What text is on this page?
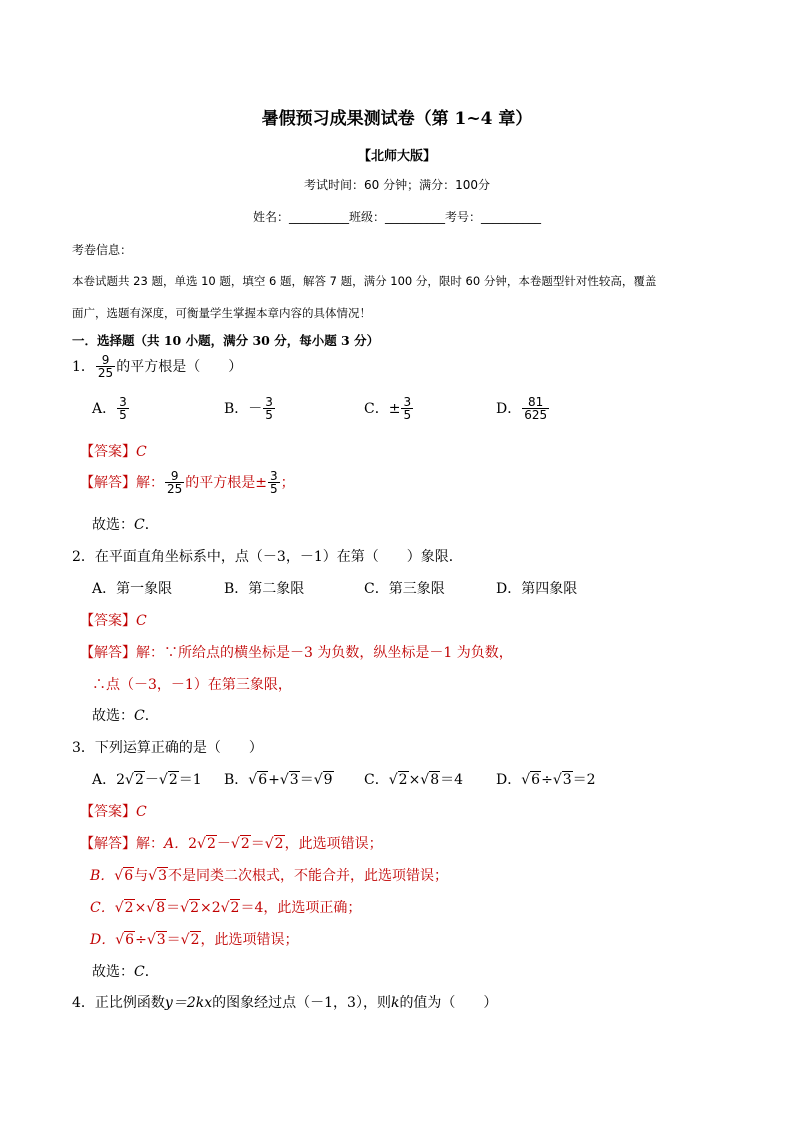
暑假预习成果测试卷（第 1~4 章）
【北师大版】
考试时间：60 分钟；满分：100分
姓名：__________班级：__________考号：__________
考卷信息：
本卷试题共 23 题，单选 10 题，填空 6 题，解答 7 题，满分 100 分，限时 60 分钟，本卷题型针对性较高，覆盖
面广，选题有深度，可衡量学生掌握本章内容的具体情况！
一．选择题（共 10 小题，满分 30 分，每小题 3 分）
1． $\frac{9}{25}$ 的平方根是（　　）
A． $\frac{3}{5}$	B．－ $\frac{3}{5}$	C．± $\frac{3}{5}$	D． $\frac{81}{625}$
【答案】C
【解答】解： $\frac{9}{25}$ 的平方根是± $\frac{3}{5}$ ；
故选：C．
2．在平面直角坐标系中，点（－3，－1）在第（　　）象限．
A．第一象限	B．第二象限	C．第三象限	D．第四象限
【答案】C
【解答】解：∵所给点的横坐标是－3 为负数，纵坐标是－1 为负数，
∴点（－3，－1）在第三象限，
故选：C．
3．下列运算正确的是（　　）
A．2√2－√2＝1 B．√6+√3＝√9 C．√2×√8＝4 D．√6÷√3＝2
【答案】C
【解答】解：A．2√2－√2＝√2，此选项错误；
B．√6与√3不是同类二次根式，不能合并，此选项错误；
C．√2×√8＝√2×2√2＝4，此选项正确；
D．√6÷√3＝√2，此选项错误；
故选：C．
4．正比例函数y＝2kx的图象经过点（－1，3），则k的值为（　　）
